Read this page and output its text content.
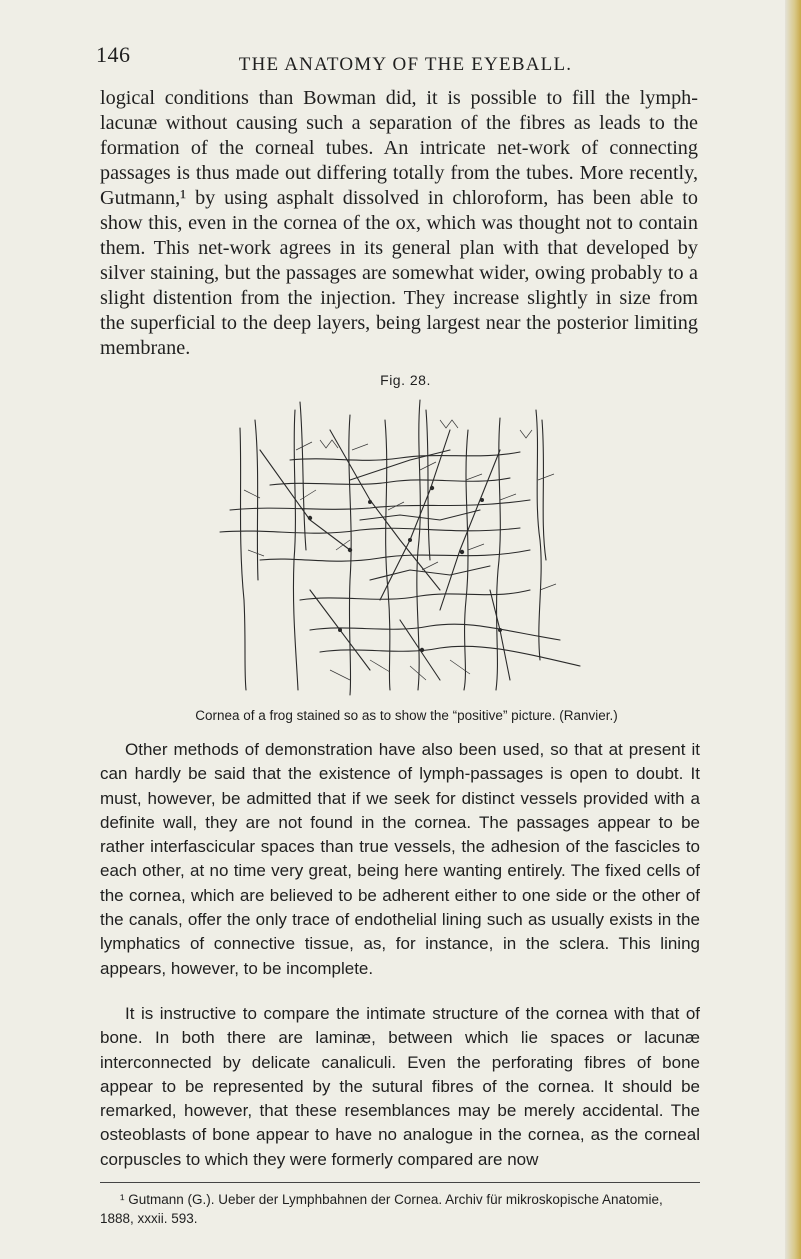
146	THE ANATOMY OF THE EYEBALL.

logical conditions than Bowman did, it is possible to fill the lymph-lacunæ without causing such a separation of the fibres as leads to the formation of the corneal tubes. An intricate net-work of connecting passages is thus made out differing totally from the tubes. More recently, Gutmann,¹ by using asphalt dissolved in chloroform, has been able to show this, even in the cornea of the ox, which was thought not to contain them. This net-work agrees in its general plan with that developed by silver staining, but the passages are somewhat wider, owing probably to a slight distention from the injection. They increase slightly in size from the superficial to the deep layers, being largest near the posterior limiting membrane.

Fig. 28.
Cornea of a frog stained so as to show the “positive” picture. (Ranvier.)

Other methods of demonstration have also been used, so that at present it can hardly be said that the existence of lymph-passages is open to doubt. It must, however, be admitted that if we seek for distinct vessels provided with a definite wall, they are not found in the cornea. The passages appear to be rather interfascicular spaces than true vessels, the adhesion of the fascicles to each other, at no time very great, being here wanting entirely. The fixed cells of the cornea, which are believed to be adherent either to one side or the other of the canals, offer the only trace of endothelial lining such as usually exists in the lymphatics of connective tissue, as, for instance, in the sclera. This lining appears, however, to be incomplete.

It is instructive to compare the intimate structure of the cornea with that of bone. In both there are laminæ, between which lie spaces or lacunæ interconnected by delicate canaliculi. Even the perforating fibres of bone appear to be represented by the sutural fibres of the cornea. It should be remarked, however, that these resemblances may be merely accidental. The osteoblasts of bone appear to have no analogue in the cornea, as the corneal corpuscles to which they were formerly compared are now

¹ Gutmann (G.). Ueber der Lymphbahnen der Cornea. Archiv für mikroskopische Anatomie, 1888, xxxii. 593.
